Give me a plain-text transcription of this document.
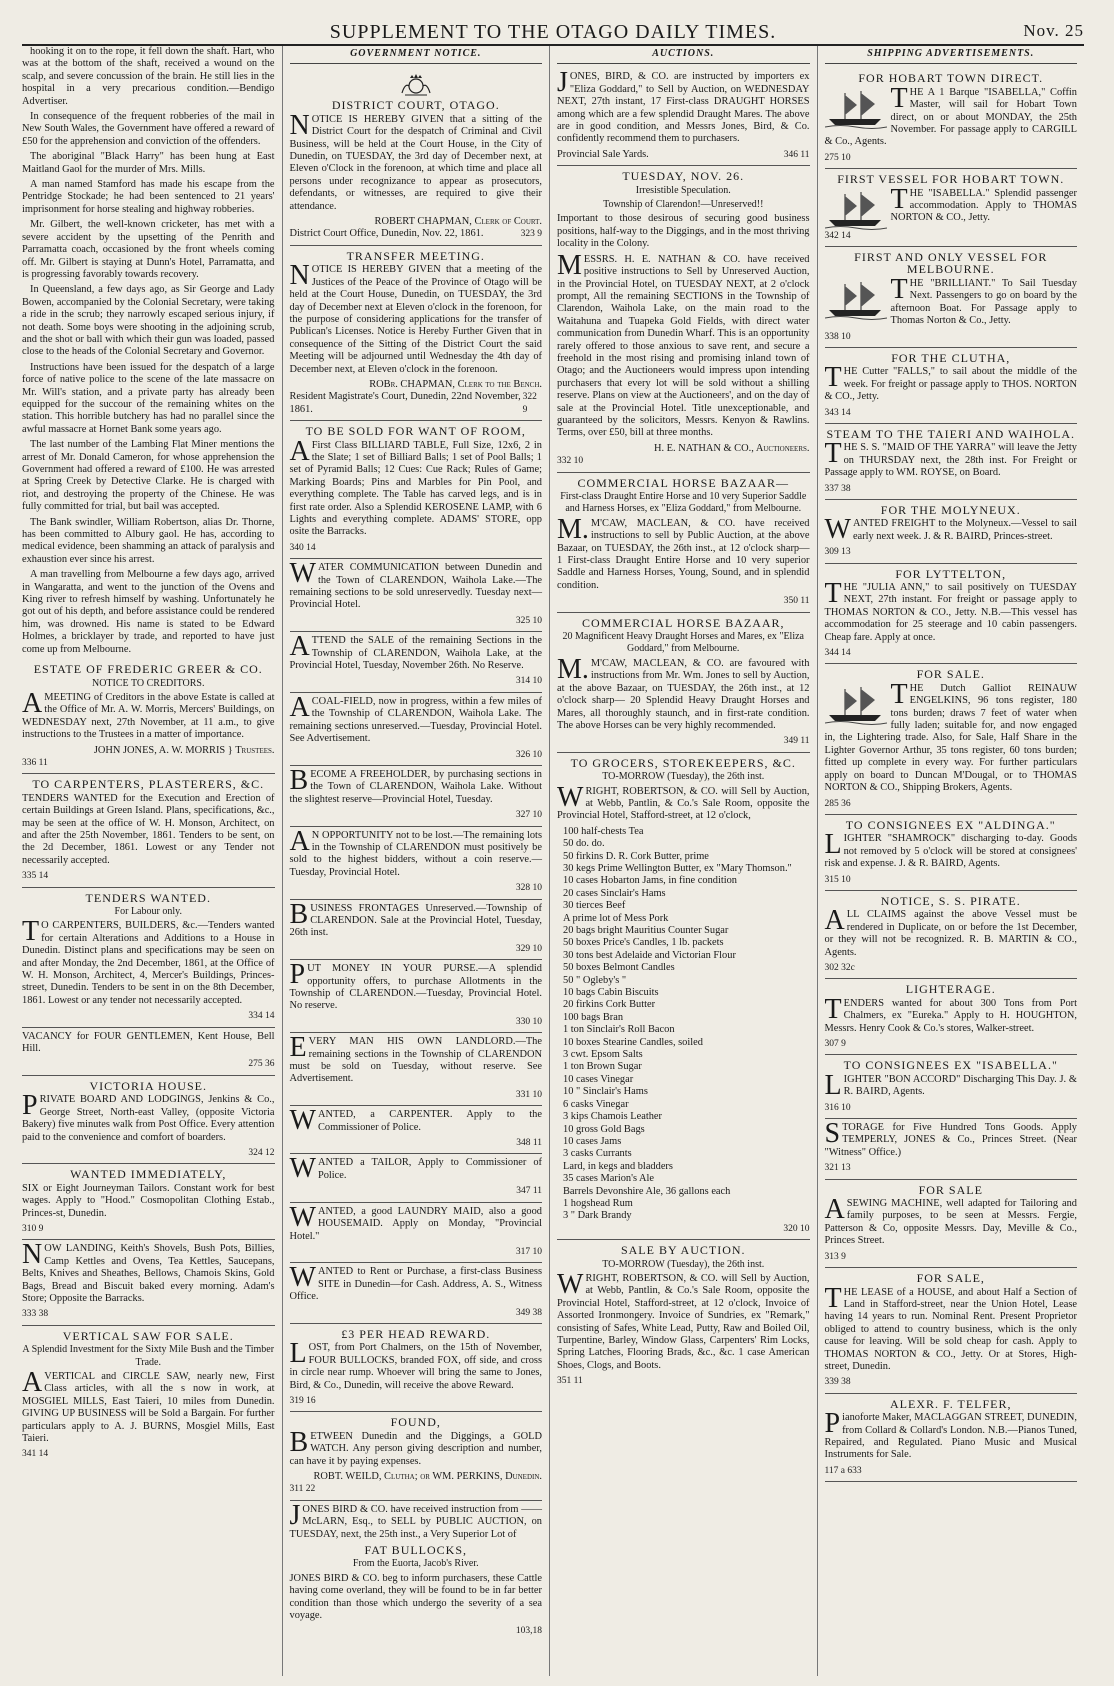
SUPPLEMENT TO THE OTAGO DAILY TIMES.	Nov. 25

hooking it on to the rope, it fell down the shaft. Hart, who was at the bottom of the shaft, received a wound on the scalp, and severe concussion of the brain. He still lies in the hospital in a very precarious condition.—Bendigo Advertiser.

In consequence of the frequent robberies of the mail in New South Wales, the Government have offered a reward of £50 for the apprehension and conviction of the offenders.

The aboriginal "Black Harry" has been hung at East Maitland Gaol for the murder of Mrs. Mills.

A man named Stamford has made his escape from the Pentridge Stockade; he had been sentenced to 21 years' imprisonment for horse stealing and highway robberies.

Mr. Gilbert, the well-known cricketer, has met with a severe accident by the upsetting of the Penrith and Parramatta coach, occasioned by the front wheels coming off. Mr. Gilbert is staying at Dunn's Hotel, Parramatta, and is progressing favorably towards recovery.

In Queensland, a few days ago, as Sir George and Lady Bowen, accompanied by the Colonial Secretary, were taking a ride in the scrub; they narrowly escaped serious injury, if not death. Some boys were shooting in the adjoining scrub, and the shot or ball with which their gun was loaded, passed close to the heads of the Colonial Secretary and Governor.

Instructions have been issued for the despatch of a large force of native police to the scene of the late massacre on Mr. Will's station, and a private party has already been equipped for the succour of the remaining whites on the station. This horrible butchery has had no parallel since the awful massacre at Hornet Bank some years ago.

The last number of the Lambing Flat Miner mentions the arrest of Mr. Donald Cameron, for whose apprehension the Government had offered a reward of £100. He was arrested at Spring Creek by Detective Clarke. He is charged with riot, and destroying the property of the Chinese. He was fully committed for trial, but bail was accepted.

The Bank swindler, William Robertson, alias Dr. Thorne, has been committed to Albury gaol. He has, according to medical evidence, been shamming an attack of paralysis and exhaustion ever since his arrest.

A man travelling from Melbourne a few days ago, arrived in Wangaratta, and went to the junction of the Ovens and King river to refresh himself by washing. Unfortunately he got out of his depth, and before assistance could be rendered him, was drowned. His name is stated to be Edward Holmes, a bricklayer by trade, and reported to have just come up from Melbourne.

ESTATE OF FREDERIC GREER & CO.
NOTICE TO CREDITORS.

AMEETING of Creditors in the above Estate is called at the Office of Mr. A. W. Morris, Mercers' Buildings, on WEDNESDAY next, 27th November, at 11 a.m., to give instructions to the Trustees in a matter of importance.

JOHN JONES, A. W. MORRIS } Trustees.
336 11
TO CARPENTERS, PLASTERERS, &C.

TENDERS WANTED for the Execution and Erection of certain Buildings at Green Island. Plans, specifications, &c., may be seen at the office of W. H. Monson, Architect, on and after the 25th November, 1861. Tenders to be sent, on the 2d December, 1861. Lowest or any Tender not necessarily accepted.

335 14
TENDERS WANTED.
For Labour only.

TO CARPENTERS, BUILDERS, &c.—Tenders wanted for certain Alterations and Additions to a House in Dunedin. Distinct plans and specifications may be seen on and after Monday, the 2nd December, 1861, at the Office of W. H. Monson, Architect, 4, Mercer's Buildings, Princes-street, Dunedin. Tenders to be sent in on the 8th December, 1861. Lowest or any tender not necessarily accepted.

334 14

VACANCY for FOUR GENTLEMEN, Kent House, Bell Hill.

275 36
VICTORIA HOUSE.

PRIVATE BOARD AND LODGINGS, Jenkins & Co., George Street, North-east Valley, (opposite Victoria Bakery) five minutes walk from Post Office. Every attention paid to the convenience and comfort of boarders.

324 12
WANTED IMMEDIATELY,

SIX or Eight Journeyman Tailors. Constant work for best wages. Apply to "Hood." Cosmopolitan Clothing Estab., Princes-st, Dunedin.

310 9

NOW LANDING, Keith's Shovels, Bush Pots, Billies, Camp Kettles and Ovens, Tea Kettles, Saucepans, Belts, Knives and Sheathes, Bellows, Chamois Skins, Gold Bags, Bread and Biscuit baked every morning. Adam's Store; Opposite the Barracks.

333 38
VERTICAL SAW FOR SALE.
A Splendid Investment for the Sixty Mile Bush and the Timber Trade.

AVERTICAL and CIRCLE SAW, nearly new, First Class articles, with all the s now in work, at MOSGIEL MILLS, East Taieri, 10 miles from Dunedin. GIVING UP BUSINESS will be Sold a Bargain. For further particulars apply to A. J. BURNS, Mosgiel Mills, East Taieri.

341 14
GOVERNMENT NOTICE.
DISTRICT COURT, OTAGO.

NOTICE IS HEREBY GIVEN that a sitting of the District Court for the despatch of Criminal and Civil Business, will be held at the Court House, in the City of Dunedin, on TUESDAY, the 3rd day of December next, at Eleven o'Clock in the forenoon, at which time and place all persons under recognizance to appear as prosecutors, defendants, or witnesses, are required to give their attendance.

ROBERT CHAPMAN, Clerk of Court.
District Court Office, Dunedin, Nov. 22, 1861.	323 9
TRANSFER MEETING.

NOTICE IS HEREBY GIVEN that a meeting of the Justices of the Peace of the Province of Otago will be held at the Court House, Dunedin, on TUESDAY, the 3rd day of December next at Eleven o'clock in the forenoon, for the purpose of considering applications for the transfer of Publican's Licenses. Notice is Hereby Further Given that in consequence of the Sitting of the District Court the said Meeting will be adjourned until Wednesday the 4th day of December next, at Eleven o'clock in the forenoon.

ROBr. CHAPMAN, Clerk to the Bench.
Resident Magistrate's Court, Dunedin, 22nd November, 1861.
322 9
TO BE SOLD FOR WANT OF ROOM,

AFirst Class BILLIARD TABLE, Full Size, 12x6, 2 in the Slate; 1 set of Billiard Balls; 1 set of Pool Balls; 1 set of Pyramid Balls; 12 Cues: Cue Rack; Rules of Game; Marking Boards; Pins and Marbles for Pin Pool, and everything complete. The Table has carved legs, and is in first rate order. Also a Splendid KEROSENE LAMP, with 6 Lights and everything complete. ADAMS' STORE, opp osite the Barracks.

340 14

WATER COMMUNICATION between Dunedin and the Town of CLARENDON, Waihola Lake.—The remaining sections to be sold unreservedly. Tuesday next—Provincial Hotel.

325 10

ATTEND the SALE of the remaining Sections in the Township of CLARENDON, Waihola Lake, at the Provincial Hotel, Tuesday, November 26th. No Reserve.

314 10

ACOAL-FIELD, now in progress, within a few miles of the Township of CLARENDON, Waihola Lake. The remaining sections unreserved.—Tuesday, Provincial Hotel. See Advertisement.

326 10

BECOME A FREEHOLDER, by purchasing sections in the Town of CLARENDON, Waihola Lake. Without the slightest reserve—Provincial Hotel, Tuesday.

327 10

AN OPPORTUNITY not to be lost.—The remaining lots in the Township of CLARENDON must positively be sold to the highest bidders, without a coin reserve.—Tuesday, Provincial Hotel.

328 10

BUSINESS FRONTAGES Unreserved.—Township of CLARENDON. Sale at the Provincial Hotel, Tuesday, 26th inst.

329 10

PUT MONEY IN YOUR PURSE.—A splendid opportunity offers, to purchase Allotments in the Township of CLARENDON.—Tuesday, Provincial Hotel. No reserve.

330 10

EVERY MAN HIS OWN LANDLORD.—The remaining sections in the Township of CLARENDON must be sold on Tuesday, without reserve. See Advertisement.

331 10

WANTED, a CARPENTER. Apply to the Commissioner of Police.

348 11

WANTED a TAILOR, Apply to Commissioner of Police.

347 11

WANTED, a good LAUNDRY MAID, also a good HOUSEMAID. Apply on Monday, "Provincial Hotel."

317 10

WANTED to Rent or Purchase, a first-class Business SITE in Dunedin—for Cash. Address, A. S., Witness Office.

349 38
£3 PER HEAD REWARD.

LOST, from Port Chalmers, on the 15th of November, FOUR BULLOCKS, branded FOX, off side, and cross in circle near rump. Whoever will bring the same to Jones, Bird, & Co., Dunedin, will receive the above Reward.

319 16
FOUND,

BETWEEN Dunedin and the Diggings, a GOLD WATCH. Any person giving description and number, can have it by paying expenses.

ROBT. WEILD, Clutha; or WM. PERKINS, Dunedin.
311 22

JONES BIRD & CO. have received instruction from —— McLARN, Esq., to SELL by PUBLIC AUCTION, on TUESDAY, next, the 25th inst., a Very Superior Lot of

FAT BULLOCKS,
From the Euorta, Jacob's River.

JONES BIRD & CO. beg to inform purchasers, these Cattle having come overland, they will be found to be in far better condition than those which undergo the severity of a sea voyage.

103,18
AUCTIONS.

JONES, BIRD, & CO. are instructed by importers ex "Eliza Goddard," to Sell by Auction, on WEDNESDAY NEXT, 27th instant, 17 First-class DRAUGHT HORSES among which are a few splendid Draught Mares. The above are in good condition, and Messrs Jones, Bird, & Co. confidently recommend them to purchasers.

Provincial Sale Yards.	346 11
TUESDAY, NOV. 26.
Irresistible Speculation.
Township of Clarendon!—Unreserved!!

Important to those desirous of securing good business positions, half-way to the Diggings, and in the most thriving locality in the Colony.

MESSRS. H. E. NATHAN & CO. have received positive instructions to Sell by Unreserved Auction, in the Provincial Hotel, on TUESDAY NEXT, at 2 o'clock prompt, All the remaining SECTIONS in the Township of Clarendon, Waihola Lake, on the main road to the Waitahuna and Tuapeka Gold Fields, with direct water communication from Dunedin Wharf. This is an opportunity rarely offered to those anxious to save rent, and secure a freehold in the most rising and promising inland town of Otago; and the Auctioneers would impress upon intending purchasers that every lot will be sold without a shilling reserve. Plans on view at the Auctioneers', and on the day of sale at the Provincial Hotel. Title unexceptionable, and guaranteed by the solicitors, Messrs. Kenyon & Rawlins. Terms, over £50, bill at three months.

H. E. NATHAN & CO., Auctioneers.
332 10
COMMERCIAL HORSE BAZAAR—
First-class Draught Entire Horse and 10 very Superior Saddle and Harness Horses, ex "Eliza Goddard," from Melbourne.

M.M'CAW, MACLEAN, & CO. have received instructions to sell by Public Auction, at the above Bazaar, on TUESDAY, the 26th inst., at 12 o'clock sharp— 1 First-class Draught Entire Horse and 10 very superior Saddle and Harness Horses, Young, Sound, and in splendid condition.

350 11
COMMERCIAL HORSE BAZAAR,
20 Magnificent Heavy Draught Horses and Mares, ex "Eliza Goddard," from Melbourne.

M.M'CAW, MACLEAN, & CO. are favoured with instructions from Mr. Wm. Jones to sell by Auction, at the above Bazaar, on TUESDAY, the 26th inst., at 12 o'clock sharp— 20 Splendid Heavy Draught Horses and Mares, all thoroughly staunch, and in first-rate condition. The above Horses can be very highly recommended.

349 11
TO GROCERS, STOREKEEPERS, &C.
TO-MORROW (Tuesday), the 26th inst.

WRIGHT, ROBERTSON, & CO. will Sell by Auction, at Webb, Pantlin, & Co.'s Sale Room, opposite the Provincial Hotel, Stafford-street, at 12 o'clock,

100 half-chests Tea
50 do. do.
50 firkins D. R. Cork Butter, prime
30 kegs Prime Wellington Butter, ex "Mary Thomson."
10 cases Hobarton Jams, in fine condition
20 cases Sinclair's Hams
30 tierces Beef
A prime lot of Mess Pork
20 bags bright Mauritius Counter Sugar
50 boxes Price's Candles, 1 lb. packets
30 tons best Adelaide and Victorian Flour
50 boxes Belmont Candles
50 " Ogleby's "
10 bags Cabin Biscuits
20 firkins Cork Butter
100 bags Bran
1 ton Sinclair's Roll Bacon
10 boxes Stearine Candles, soiled
3 cwt. Epsom Salts
1 ton Brown Sugar
10 cases Vinegar
10 " Sinclair's Hams
6 casks Vinegar
3 kips Chamois Leather
10 gross Gold Bags
10 cases Jams
3 casks Currants
Lard, in kegs and bladders
35 cases Marion's Ale
Barrels Devonshire Ale, 36 gallons each
1 hogshead Rum
3 " Dark Brandy
320 10
SALE BY AUCTION.
TO-MORROW (Tuesday), the 26th inst.

WRIGHT, ROBERTSON, & CO. will Sell by Auction, at Webb, Pantlin, & Co.'s Sale Room, opposite the Provincial Hotel, Stafford-street, at 12 o'clock, Invoice of Assorted Ironmongery. Invoice of Sundries, ex "Remark," consisting of Safes, White Lead, Putty, Raw and Boiled Oil, Turpentine, Barley, Window Glass, Carpenters' Rim Locks, Spring Latches, Flooring Brads, &c., &c. 1 case American Shoes, Clogs, and Boots.

351 11
SHIPPING ADVERTISEMENTS.
FOR HOBART TOWN DIRECT.

THE A 1 Barque "ISABELLA," Coffin Master, will sail for Hobart Town direct, on or about MONDAY, the 25th November. For passage apply to CARGILL & Co., Agents.

275 10
FIRST VESSEL FOR HOBART TOWN.

THE "ISABELLA." Splendid passenger accommodation. Apply to THOMAS NORTON & CO., Jetty.

342 14
FIRST AND ONLY VESSEL FOR MELBOURNE.

THE "BRILLIANT." To Sail Tuesday Next. Passengers to go on board by the afternoon Boat. For Passage apply to Thomas Norton & Co., Jetty.

338 10
FOR THE CLUTHA,

THE Cutter "FALLS," to sail about the middle of the week. For freight or passage apply to THOS. NORTON & CO., Jetty.

343 14
STEAM TO THE TAIERI AND WAIHOLA.

THE S. S. "MAID OF THE YARRA" will leave the Jetty on THURSDAY next, the 28th inst. For Freight or Passage apply to WM. ROYSE, on Board.

337 38
FOR THE MOLYNEUX.

WANTED FREIGHT to the Molyneux.—Vessel to sail early next week. J. & R. BAIRD, Princes-street.

309 13
FOR LYTTELTON,

THE "JULIA ANN," to sail positively on TUESDAY NEXT, 27th instant. For freight or passage apply to THOMAS NORTON & CO., Jetty. N.B.—This vessel has accommodation for 25 steerage and 10 cabin passengers. Cheap fare. Apply at once.

344 14
FOR SALE.

THE Dutch Galliot REINAUW ENGELKINS, 96 tons register, 180 tons burden; draws 7 feet of water when fully laden; suitable for, and now engaged in, the Lightering trade. Also, for Sale, Half Share in the Lighter Governor Arthur, 35 tons register, 60 tons burden; fitted up complete in every way. For further particulars apply on board to Duncan M'Dougal, or to THOMAS NORTON & CO., Shipping Brokers, Agents.

285 36
TO CONSIGNEES EX "ALDINGA."

LIGHTER "SHAMROCK" discharging to-day. Goods not removed by 5 o'clock will be stored at consignees' risk and expense. J. & R. BAIRD, Agents.

315 10
NOTICE, S. S. PIRATE.

ALL CLAIMS against the above Vessel must be rendered in Duplicate, on or before the 1st December, or they will not be recognized. R. B. MARTIN & CO., Agents.

302 32c
LIGHTERAGE.

TENDERS wanted for about 300 Tons from Port Chalmers, ex "Eureka." Apply to H. HOUGHTON, Messrs. Henry Cook & Co.'s stores, Walker-street.

307 9
TO CONSIGNEES EX "ISABELLA."

LIGHTER "BON ACCORD" Discharging This Day. J. & R. BAIRD, Agents.

316 10

STORAGE for Five Hundred Tons Goods. Apply TEMPERLY, JONES & Co., Princes Street. (Near "Witness" Office.)

321 13
FOR SALE

ASEWING MACHINE, well adapted for Tailoring and family purposes, to be seen at Messrs. Fergie, Patterson & Co, opposite Messrs. Day, Meville & Co., Princes Street.

313 9
FOR SALE,

THE LEASE of a HOUSE, and about Half a Section of Land in Stafford-street, near the Union Hotel, Lease having 14 years to run. Nominal Rent. Present Proprietor obliged to attend to country business, which is the only cause for leaving. Will be sold cheap for cash. Apply to THOMAS NORTON & CO., Jetty. Or at Stores, High-street, Dunedin.

339 38
ALEXR. F. TELFER,

Pianoforte Maker, MACLAGGAN STREET, DUNEDIN, from Collard & Collard's London. N.B.—Pianos Tuned, Repaired, and Regulated. Piano Music and Musical Instruments for Sale.

117 a 633
